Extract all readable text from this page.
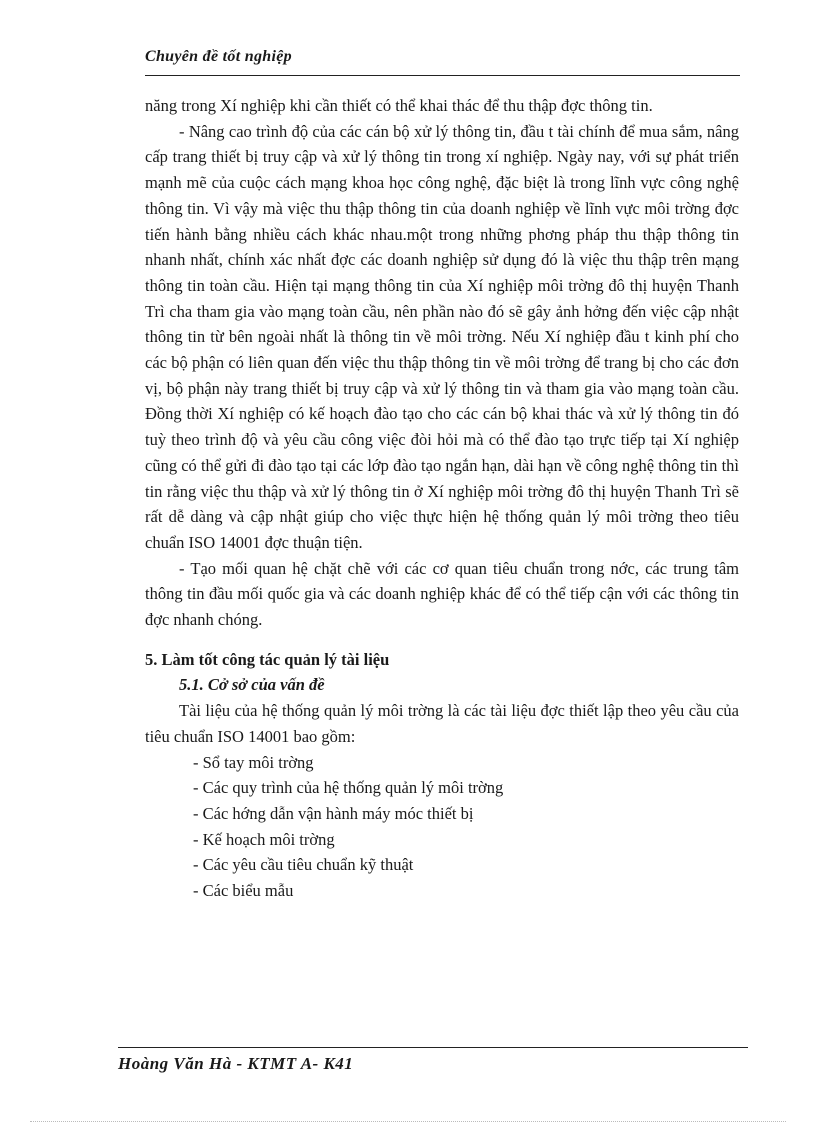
Chuyên đề tốt nghiệp

năng trong Xí nghiệp khi cần thiết có thể khai thác để thu thập đợc thông tin.

- Nâng cao trình độ của các cán bộ xử lý thông tin, đầu t tài chính để mua sắm, nâng cấp trang thiết bị truy cập và xử lý thông tin trong xí nghiệp. Ngày nay, với sự phát triển mạnh mẽ của cuộc cách mạng khoa học công nghệ, đặc biệt là trong lĩnh vực công nghệ thông tin. Vì vậy mà việc thu thập thông tin của doanh nghiệp về lĩnh vực môi trờng đợc tiến hành bằng nhiều cách khác nhau.một trong những phơng pháp thu thập thông tin nhanh nhất, chính xác nhất đợc các doanh nghiệp sử dụng đó là việc thu thập trên mạng thông tin toàn cầu. Hiện tại mạng thông tin của Xí nghiệp môi trờng đô thị huyện Thanh Trì cha tham gia vào mạng toàn cầu, nên phần nào đó sẽ gây ảnh hởng đến việc cập nhật thông tin từ bên ngoài nhất là thông tin về môi trờng. Nếu Xí nghiệp đầu t kinh phí cho các bộ phận có liên quan đến việc thu thập thông tin về môi trờng để trang bị cho các đơn vị, bộ phận này trang thiết bị truy cập và xử lý thông tin và tham gia vào mạng toàn cầu. Đồng thời Xí nghiệp có kế hoạch đào tạo cho các cán bộ khai thác và xử lý thông tin đó tuỳ theo trình độ và yêu cầu công việc đòi hỏi mà có thể đào tạo trực tiếp tại Xí nghiệp cũng có thể gửi đi đào tạo tại các lớp đào tạo ngắn hạn, dài hạn về công nghệ thông tin thì tin rằng việc thu thập và xử lý thông tin ở Xí nghiệp môi trờng đô thị huyện Thanh Trì sẽ rất dễ dàng và cập nhật giúp cho việc thực hiện hệ thống quản lý môi trờng theo tiêu chuẩn ISO 14001 đợc thuận tiện.

- Tạo mối quan hệ chặt chẽ với các cơ quan tiêu chuẩn trong nớc, các trung tâm thông tin đầu mối quốc gia và các doanh nghiệp khác để có thể tiếp cận với các thông tin đợc nhanh chóng.

5. Làm tốt công tác quản lý tài liệu
5.1. Cở sở của vấn đề

Tài liệu của hệ thống quản lý môi trờng là các tài liệu đợc thiết lập theo yêu cầu của tiêu chuẩn ISO 14001 bao gồm:

- Sổ tay môi trờng
- Các quy trình của hệ thống quản lý môi trờng
- Các hớng dẫn vận hành máy móc thiết bị
- Kế hoạch môi trờng
- Các yêu cầu tiêu chuẩn kỹ thuật
- Các biểu mẫu
Hoàng Văn Hà - KTMT A- K41
